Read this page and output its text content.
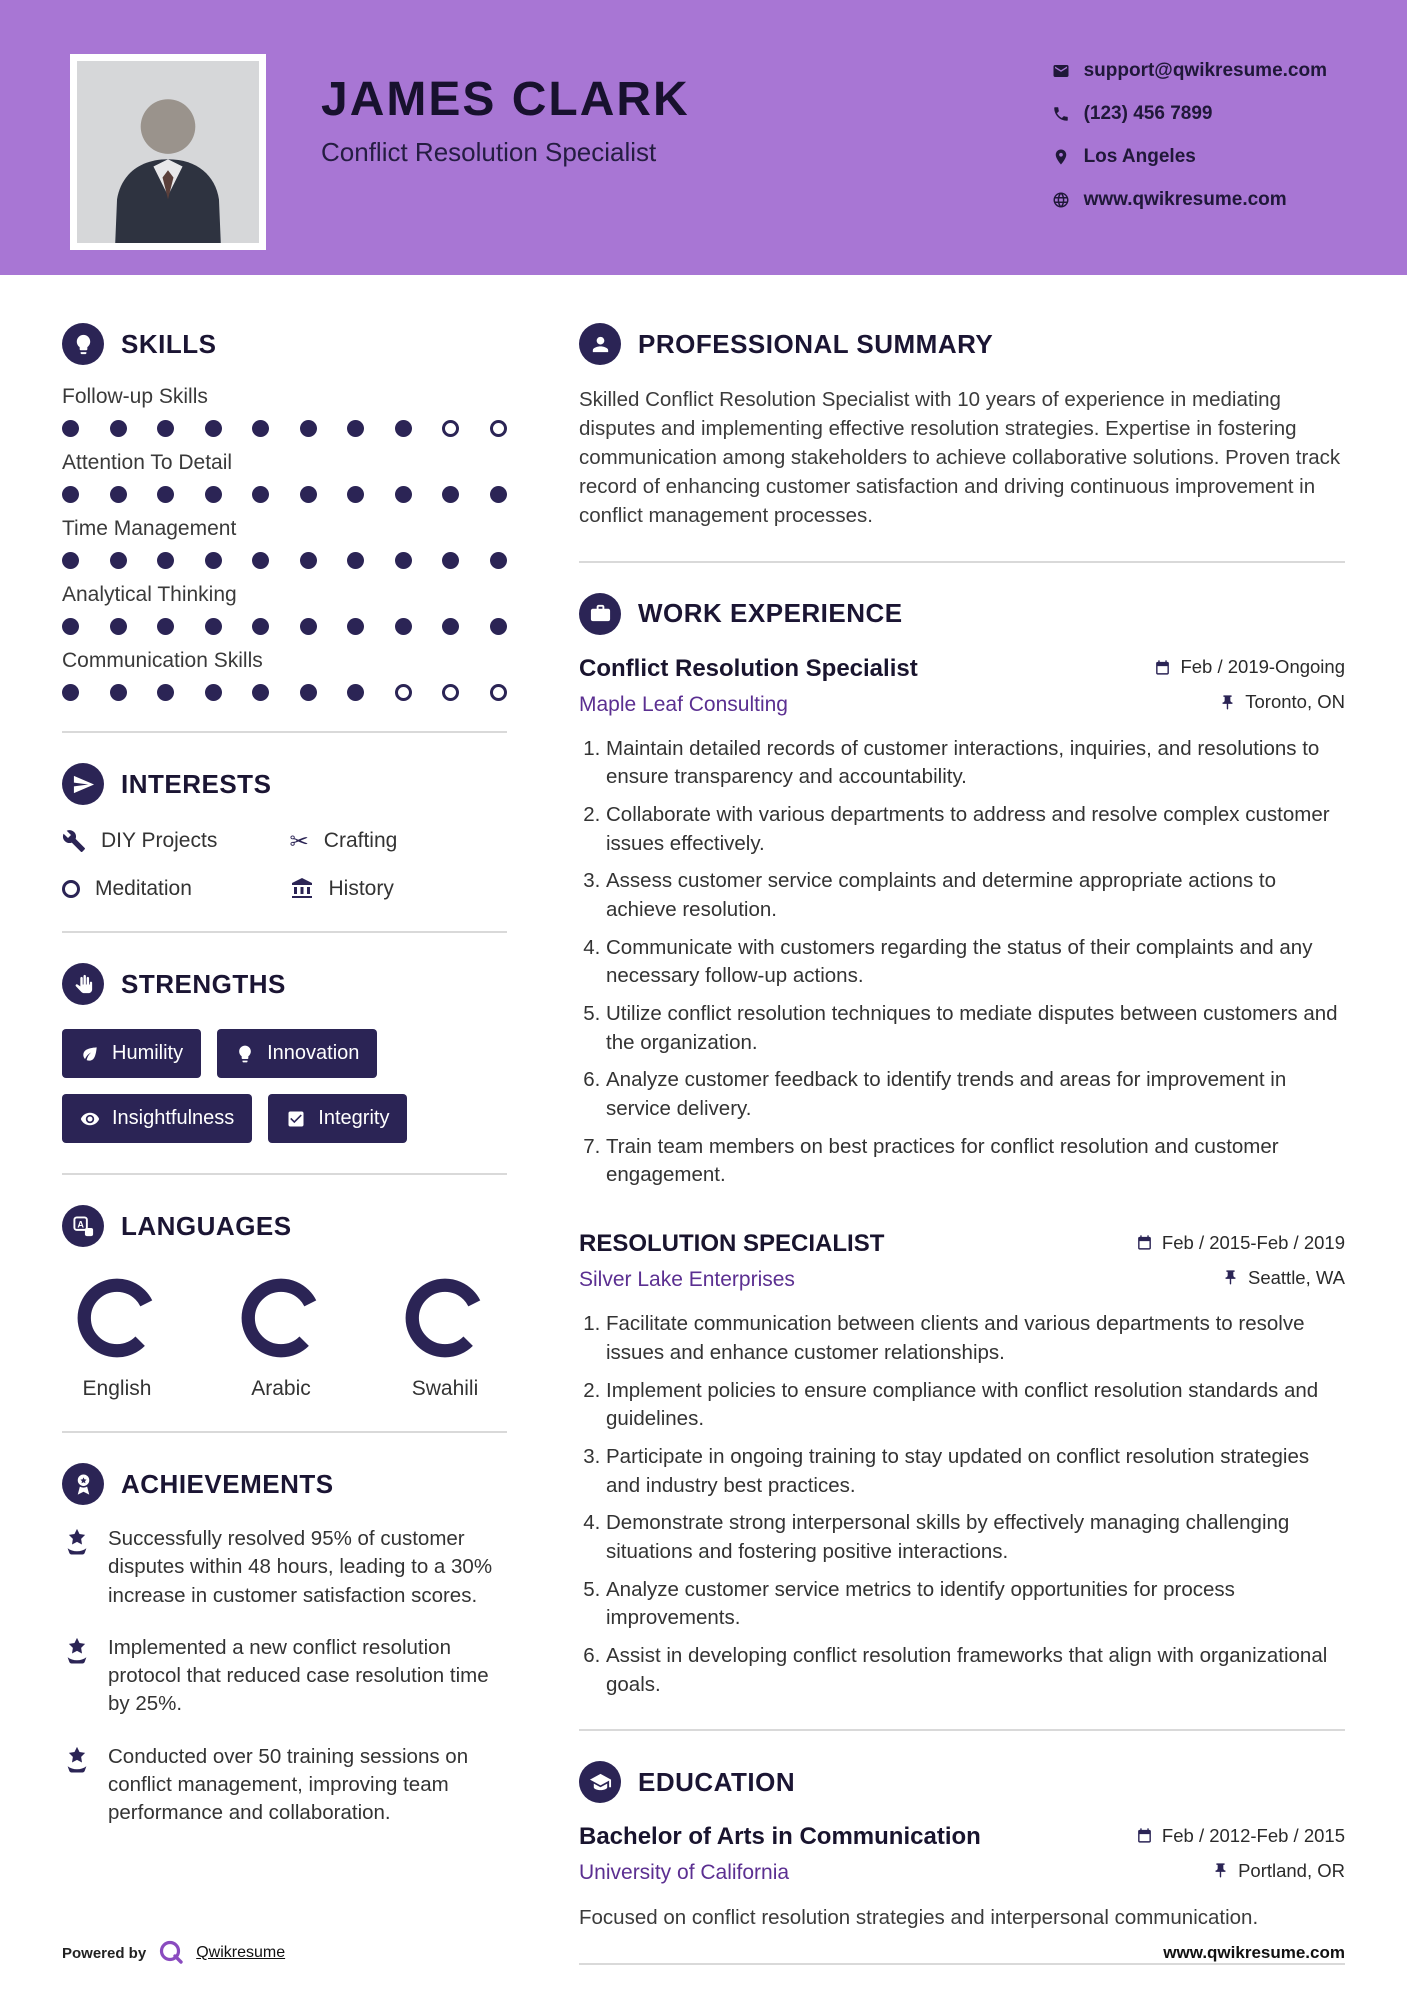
JAMES CLARK
Conflict Resolution Specialist
support@qwikresume.com
(123) 456 7899
Los Angeles
www.qwikresume.com
SKILLS
Follow-up Skills
Attention To Detail
Time Management
Analytical Thinking
Communication Skills
INTERESTS
DIY Projects	✂ Crafting
Meditation	History
STRENGTHS
Humility	Innovation
Insightfulness	Integrity
A LANGUAGES
English	Arabic	Swahili
ACHIEVEMENTS

Successfully resolved 95% of customer disputes within 48 hours, leading to a 30% increase in customer satisfaction scores.

Implemented a new conflict resolution protocol that reduced case resolution time by 25%.

Conducted over 50 training sessions on conflict management, improving team performance and collaboration.

PROFESSIONAL SUMMARY

Skilled Conflict Resolution Specialist with 10 years of experience in mediating disputes and implementing effective resolution strategies. Expertise in fostering communication among stakeholders to achieve collaborative solutions. Proven track record of enhancing customer satisfaction and driving continuous improvement in conflict management processes.

WORK EXPERIENCE
Conflict Resolution Specialist	Feb / 2019-Ongoing
Maple Leaf Consulting	Toronto, ON
1. Maintain detailed records of customer interactions, inquiries, and resolutions to ensure transparency and accountability.
2. Collaborate with various departments to address and resolve complex customer issues effectively.
3. Assess customer service complaints and determine appropriate actions to achieve resolution.
4. Communicate with customers regarding the status of their complaints and any necessary follow-up actions.
5. Utilize conflict resolution techniques to mediate disputes between customers and the organization.
6. Analyze customer feedback to identify trends and areas for improvement in service delivery.
7. Train team members on best practices for conflict resolution and customer engagement.
RESOLUTION SPECIALIST	Feb / 2015-Feb / 2019
Silver Lake Enterprises	Seattle, WA
1. Facilitate communication between clients and various departments to resolve issues and enhance customer relationships.
2. Implement policies to ensure compliance with conflict resolution standards and guidelines.
3. Participate in ongoing training to stay updated on conflict resolution strategies and industry best practices.
4. Demonstrate strong interpersonal skills by effectively managing challenging situations and fostering positive interactions.
5. Analyze customer service metrics to identify opportunities for process improvements.
6. Assist in developing conflict resolution frameworks that align with organizational goals.
EDUCATION
Bachelor of Arts in Communication	Feb / 2012-Feb / 2015
University of California	Portland, OR

Focused on conflict resolution strategies and interpersonal communication.

Powered by	Qwikresume	www.qwikresume.com
